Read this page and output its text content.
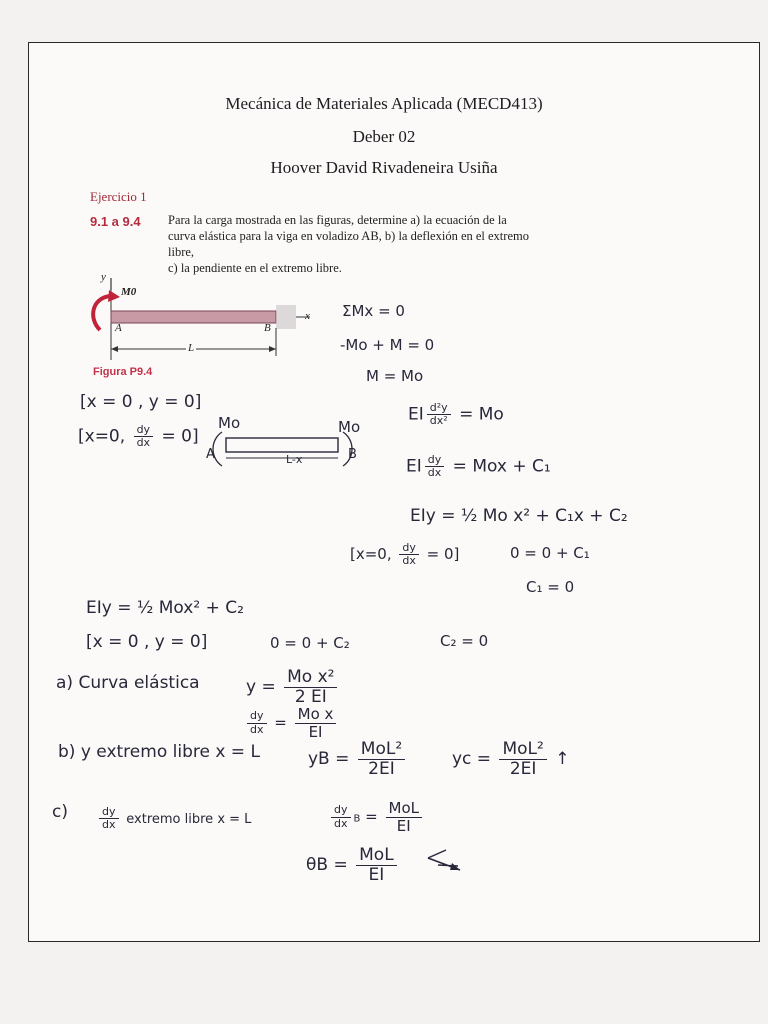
Mecánica de Materiales Aplicada (MECD413)
Deber 02
Hoover David Rivadeneira Usiña
Ejercicio 1
9.1 a 9.4 Para la carga mostrada en las figuras, determine a) la ecuación de la
curva elástica para la viga en voladizo AB, b) la deflexión en el extremo libre,
c) la pendiente en el extremo libre.
y
M0
A	B
x
L
Figura P9.4
ΣMx = 0
-Mo + M = 0
M = Mo
[x = 0 , y = 0]
[x=0, $\frac{dy}{dx} = 0$]
Mo	Mo
A	B
L-x
EI $\frac{\text{d²y}}{\text{dx²}} = Mo$
EI $\frac{dy}{dx}$ = Mox + C₁
EIy = ½ Mo x² + C₁x + C₂
[x=0, $\frac{dy}{dx} = 0$]	0 = 0 + C₁
C₁ = 0
EIy = ½ Mox² + C₂
[x = 0 , y = 0]	0 = 0 + C₂	C₂ = 0
a) Curva elástica	$y = \frac{\text{Mo x²}}{2 EI}$
$\frac{dy}{dx} = \frac{\text{Mo x}}{EI}$
b) y extremo libre x = L	yB = $\frac{\text{MoL²}}{2EI}$	yc = $\frac{\text{MoL²}}{2EI}$ ↑
c)	$\frac{dy}{dx}$ extremo libre x = L	$\frac{dy}{dx}$ $B = \frac{\text{MoL}}{EI}$
$\theta B = \frac{\text{MoL}}{EI}$
